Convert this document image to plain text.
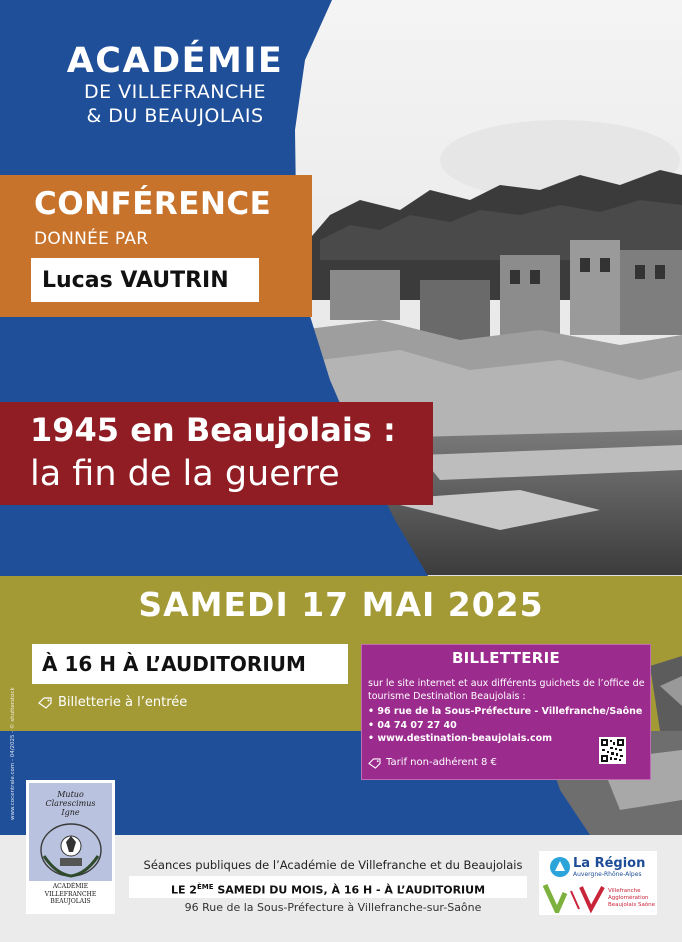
ACADÉMIE
DE VILLEFRANCHE
& DU BEAUJOLAIS
CONFÉRENCE
DONNÉE PAR
Lucas VAUTRIN
1945 en Beaujolais :
la fin de la guerre
SAMEDI 17 MAI 2025
À 16 H À L’AUDITORIUM
Billetterie à l’entrée
BILLETTERIE
sur le site internet et aux différents guichets de l’office de tourisme Destination Beaujolais :
• 96 rue de la Sous-Préfecture - Villefranche/Saône
• 04 74 07 27 40
• www.destination-beaujolais.com
Tarif non-adhérent 8 €
Séances publiques de l’Académie de Villefranche et du Beaujolais
LE 2ÈME SAMEDI DU MOIS, À 16 H - À L’AUDITORIUM
96 Rue de la Sous-Préfecture à Villefranche-sur-Saône
Mutuo
Clarescimus
Igne
ACADÉMIE
VILLEFRANCHE
BEAUJOLAIS
La Région
Auvergne-Rhône-Alpes
Villefranche Agglomération Beaujolais Saône
